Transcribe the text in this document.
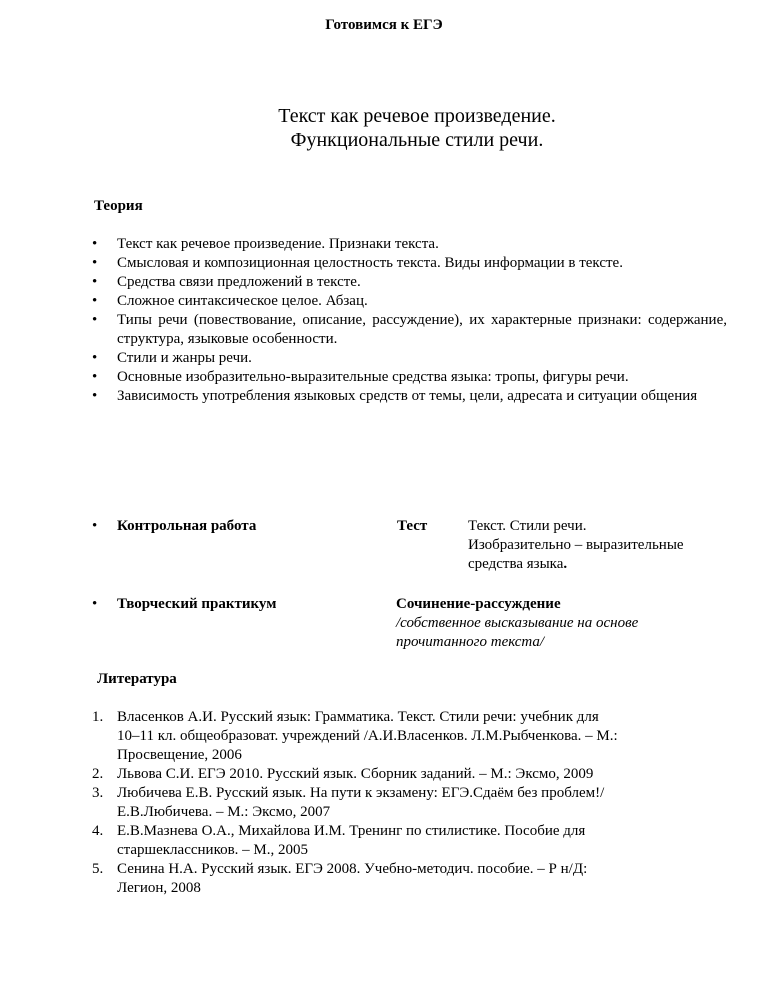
Готовимся к ЕГЭ
Текст как речевое произведение.
Функциональные стили речи.
Теория
• Текст как речевое произведение. Признаки текста.
• Смысловая и композиционная целостность текста. Виды информации в тексте.
• Средства связи предложений в тексте.
• Сложное синтаксическое целое. Абзац.
• Типы речи (повествование, описание, рассуждение), их характерные признаки: содержание, структура, языковые особенности.
• Стили и жанры речи.
• Основные изобразительно-выразительные средства языка: тропы, фигуры речи.
• Зависимость употребления языковых средств от темы, цели, адресата и ситуации общения
• Контрольная работа	Тест	Текст. Стили речи.
Изобразительно – выразительные
средства языка.
• Творческий практикум	Сочинение-рассуждение
/собственное высказывание на основе
прочитанного текста/
Литература
1. Власенков А.И. Русский язык: Грамматика. Текст. Стили речи: учебник для
10–11 кл. общеобразоват. учреждений /А.И.Власенков. Л.М.Рыбченкова. – М.:
Просвещение, 2006
2. Львова С.И. ЕГЭ 2010. Русский язык. Сборник заданий. – М.: Эксмо, 2009
3. Любичева Е.В. Русский язык. На пути к экзамену: ЕГЭ.Сдаём без проблем!/
Е.В.Любичева. – М.: Эксмо, 2007
4. Е.В.Мазнева О.А., Михайлова И.М. Тренинг по стилистике. Пособие для
старшеклассников. – М., 2005
5. Сенина Н.А. Русский язык. ЕГЭ 2008. Учебно-методич. пособие. – Р н/Д:
Легион, 2008
